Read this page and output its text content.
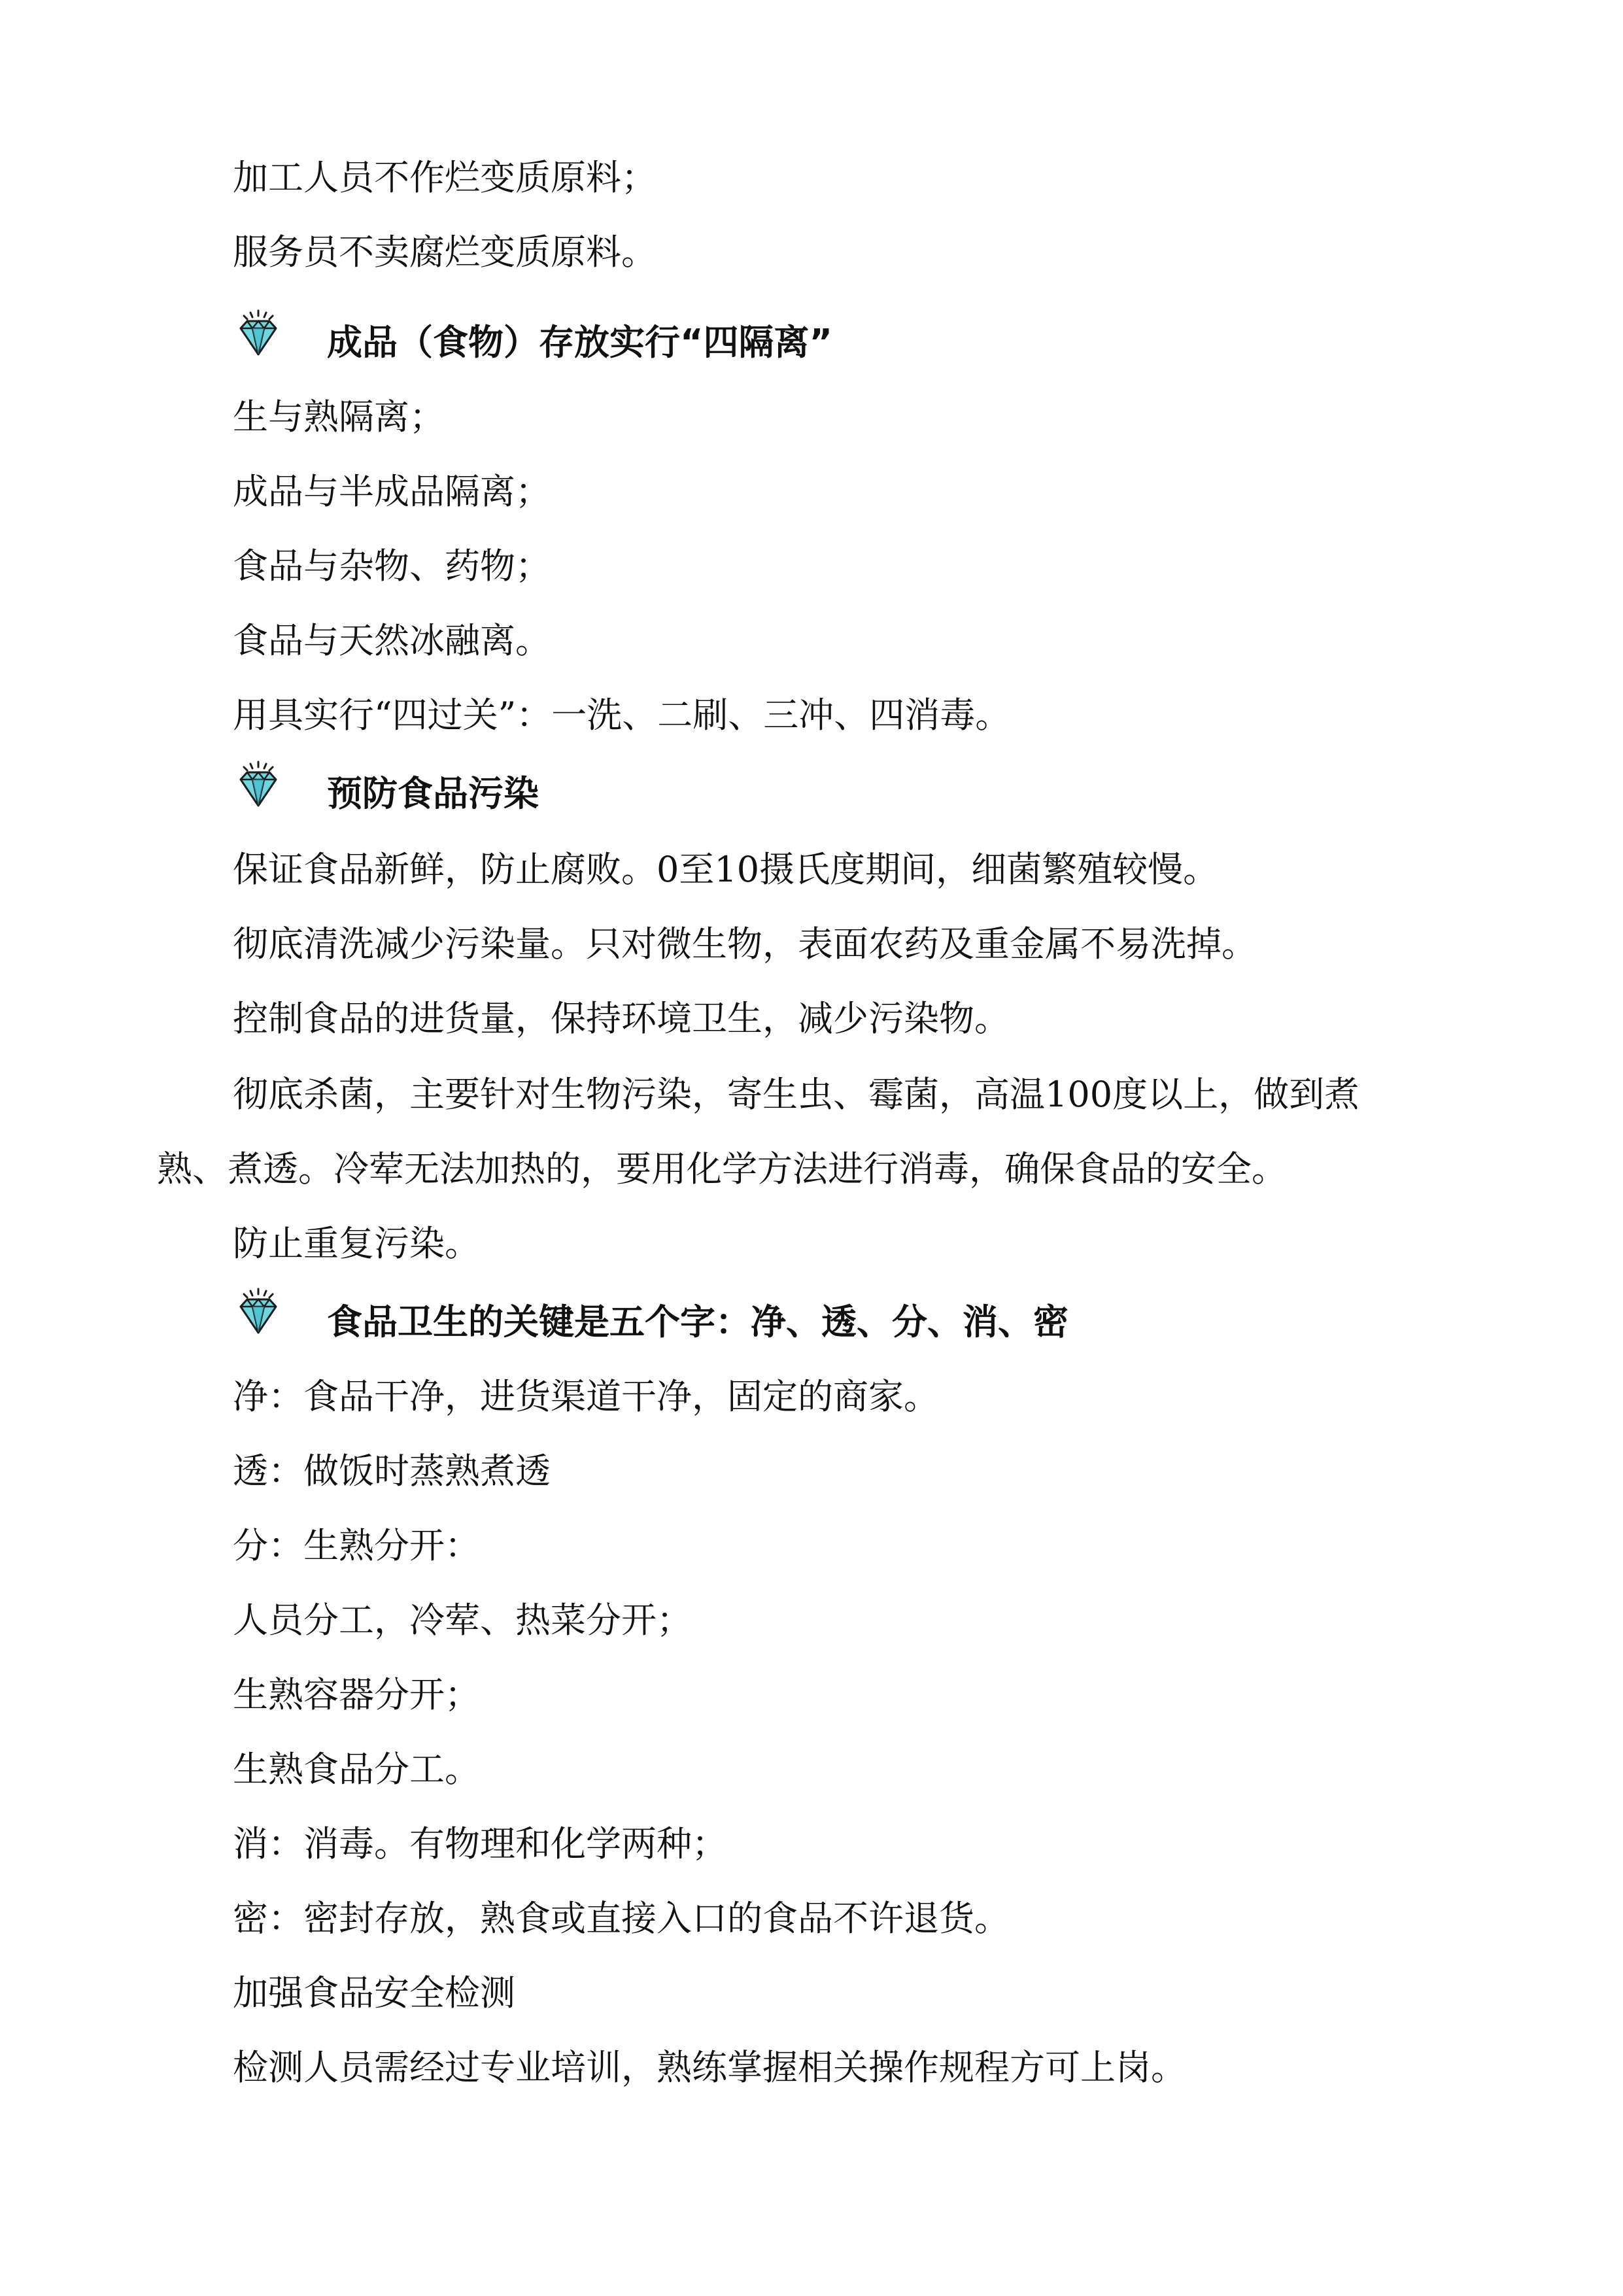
加工人员不作烂变质原料；

服务员不卖腐烂变质原料。

成品（食物）存放实行“四隔离”

生与熟隔离；

成品与半成品隔离；

食品与杂物、药物；

食品与天然冰融离。

用具实行“四过关”：一洗、二刷、三冲、四消毒。

预防食品污染

保证食品新鲜，防止腐败。0至10摄氏度期间，细菌繁殖较慢。

彻底清洗减少污染量。只对微生物，表面农药及重金属不易洗掉。

控制食品的进货量，保持环境卫生，减少污染物。

彻底杀菌，主要针对生物污染，寄生虫、霉菌，高温100度以上，做到煮

熟、煮透。冷荤无法加热的，要用化学方法进行消毒，确保食品的安全。

防止重复污染。

食品卫生的关键是五个字：净、透、分、消、密

净：食品干净，进货渠道干净，固定的商家。

透：做饭时蒸熟煮透

分：生熟分开：

人员分工，冷荤、热菜分开；

生熟容器分开；

生熟食品分工。

消：消毒。有物理和化学两种；

密：密封存放，熟食或直接入口的食品不许退货。

加强食品安全检测

检测人员需经过专业培训，熟练掌握相关操作规程方可上岗。
